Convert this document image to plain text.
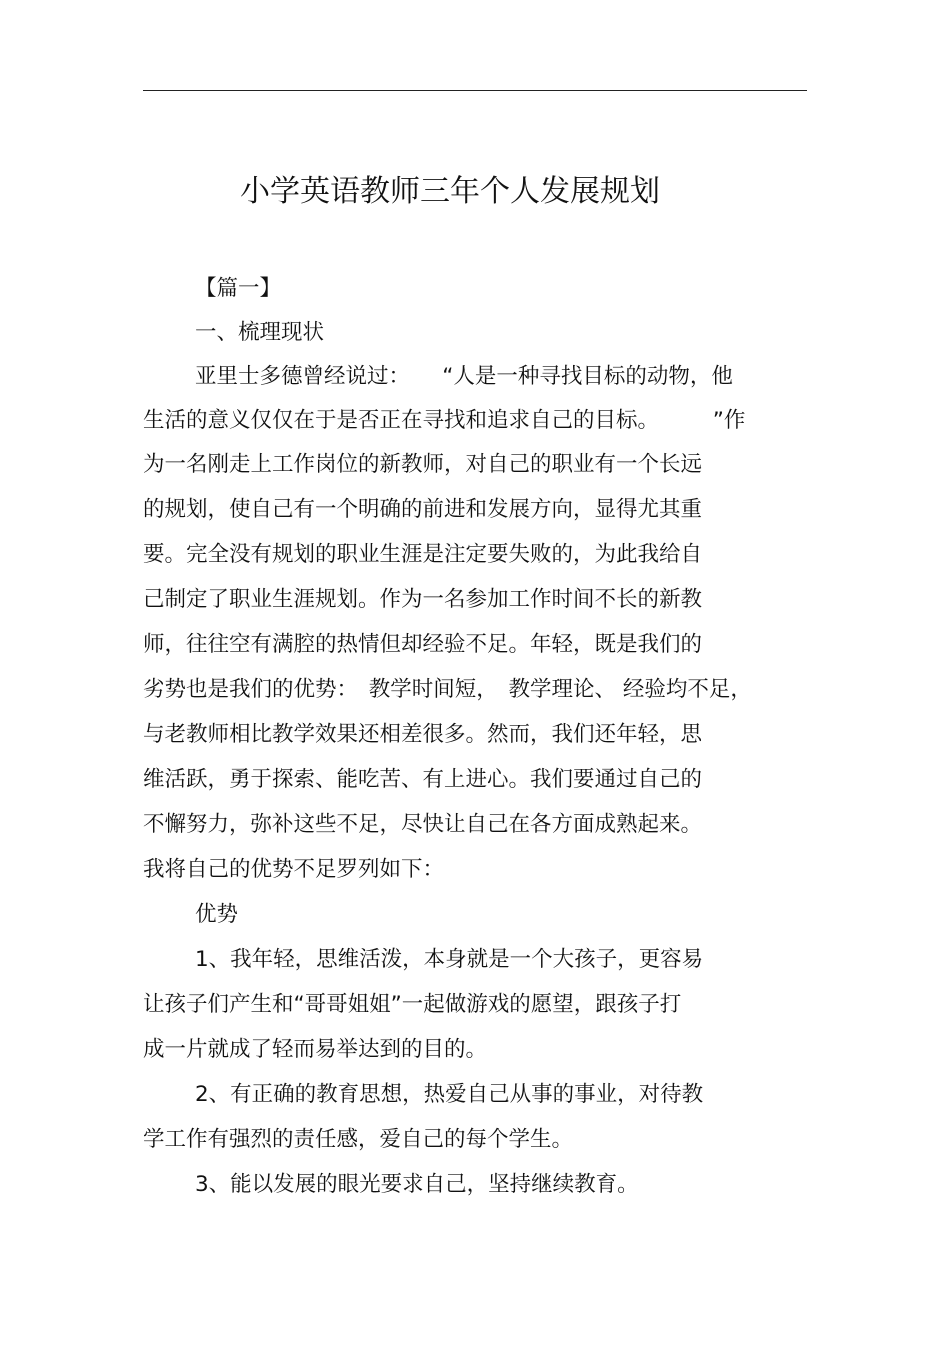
小学英语教师三年个人发展规划
【篇一】
一、梳理现状
亚里士多德曾经说过：　　“人是一种寻找目标的动物，他
生活的意义仅仅在于是否正在寻找和追求自己的目标。　　　”作
为一名刚走上工作岗位的新教师，对自己的职业有一个长远
的规划，使自己有一个明确的前进和发展方向，显得尤其重
要。完全没有规划的职业生涯是注定要失败的，为此我给自
己制定了职业生涯规划。作为一名参加工作时间不长的新教
师，往往空有满腔的热情但却经验不足。年轻，既是我们的
劣势也是我们的优势：　教学时间短，　教学理论、 经验均不足，
与老教师相比教学效果还相差很多。然而，我们还年轻，思
维活跃，勇于探索、能吃苦、有上进心。我们要通过自己的
不懈努力，弥补这些不足，尽快让自己在各方面成熟起来。
我将自己的优势不足罗列如下：
优势
1、我年轻，思维活泼，本身就是一个大孩子，更容易
让孩子们产生和“哥哥姐姐”一起做游戏的愿望，跟孩子打
成一片就成了轻而易举达到的目的。
2、有正确的教育思想，热爱自己从事的事业，对待教
学工作有强烈的责任感，爱自己的每个学生。
3、能以发展的眼光要求自己，坚持继续教育。
